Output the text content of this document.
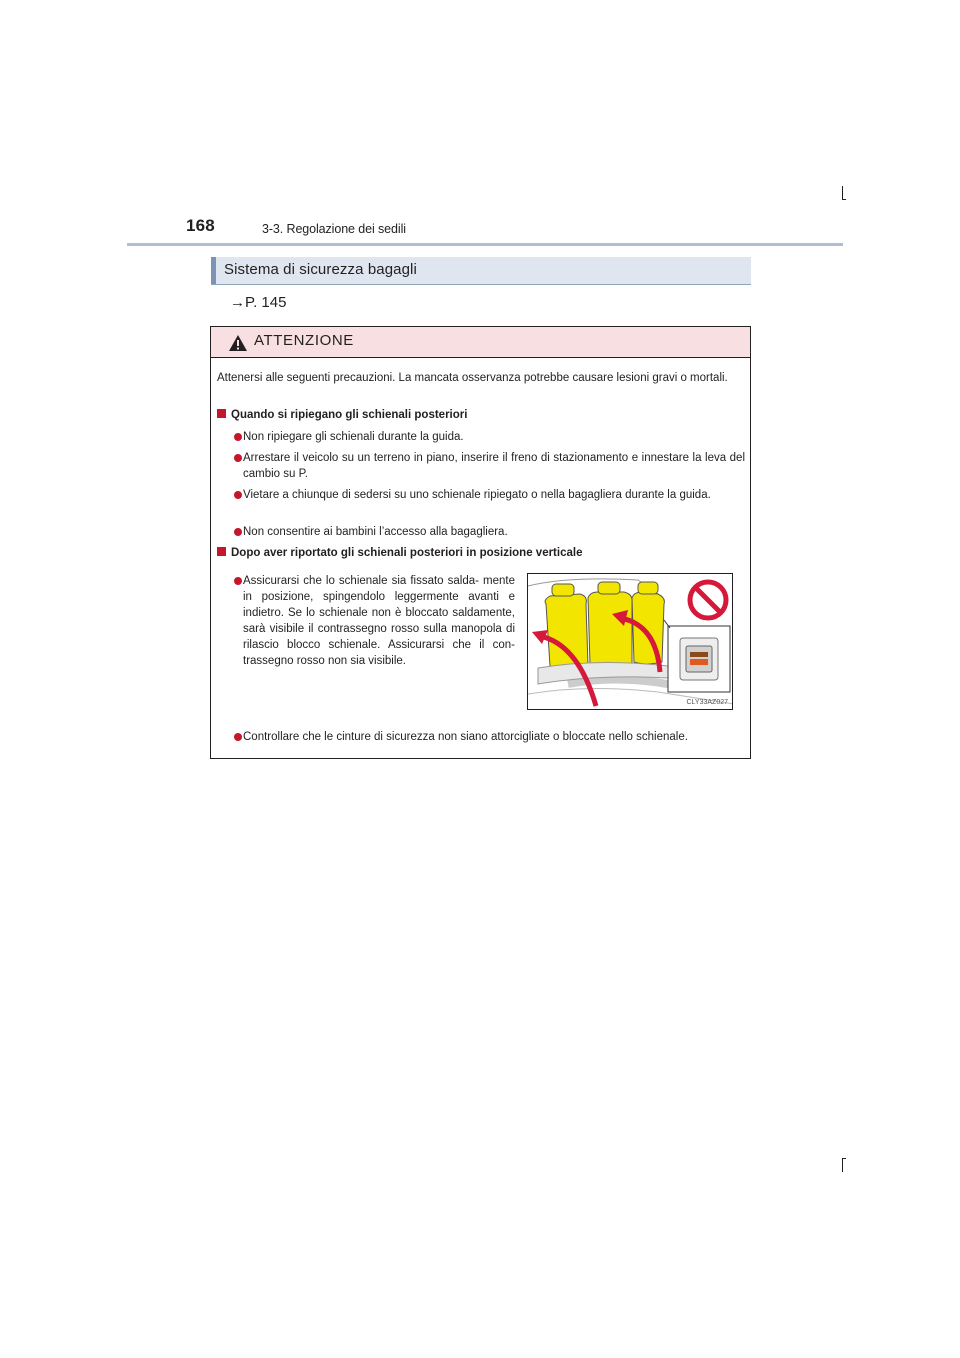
168	3-3. Regolazione dei sedili
Sistema di sicurezza bagagli
→P. 145
ATTENZIONE
Attenersi alle seguenti precauzioni. La mancata osservanza potrebbe causare lesioni gravi o mortali.
Quando si ripiegano gli schienali posteriori
Non ripiegare gli schienali durante la guida.
Arrestare il veicolo su un terreno in piano, inserire il freno di stazionamento e innestare la leva del cambio su P.
Vietare a chiunque di sedersi su uno schienale ripiegato o nella bagagliera durante la guida.
Non consentire ai bambini l’accesso alla bagagliera.
Dopo aver riportato gli schienali posteriori in posizione verticale
Assicurarsi che lo schienale sia fissato salda- mente in posizione, spingendolo leggermente avanti e indietro. Se lo schienale non è bloccato saldamente, sarà visibile il contrassegno rosso sulla manopola di rilascio blocco schienale. Assicurarsi che il con- trassegno rosso non sia visibile.
CLY33AZ027
Controllare che le cinture di sicurezza non siano attorcigliate o bloccate nello schienale.
